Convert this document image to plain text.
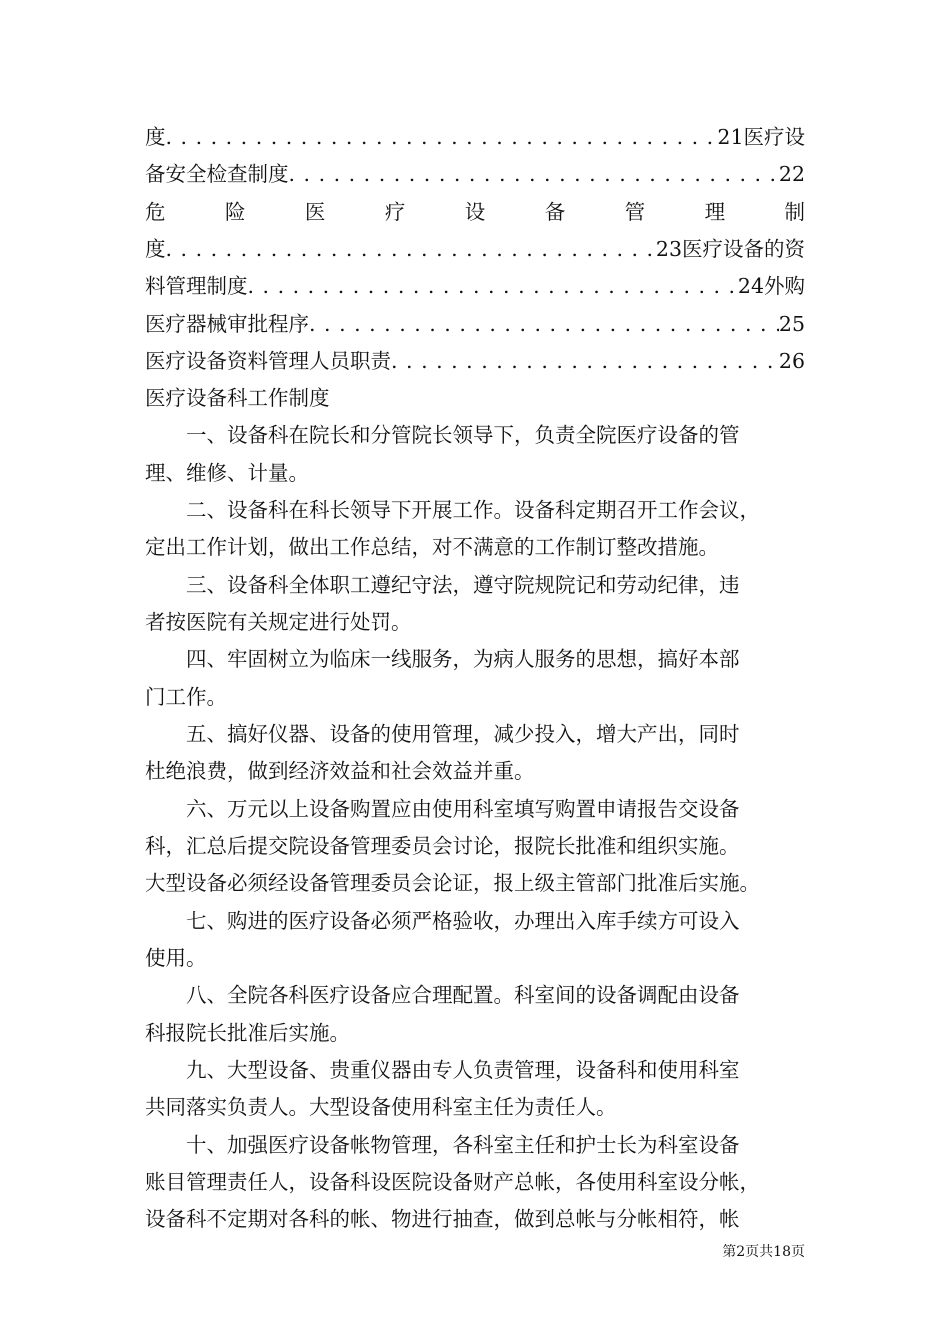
度 . . .	21医疗设
备安全检查制度 . . .	22
危	险	医	疗	设	备	管	理	制
度 . . .	23医疗设备的资
料管理制度 . . .	24外购
医疗器械审批程序 . . .	25
医疗设备资料管理人员职责 . . .	26
医疗设备科工作制度
一、设备科在院长和分管院长领导下，负责全院医疗设备的管
理、维修、计量。
二、设备科在科长领导下开展工作。设备科定期召开工作会议，
定出工作计划，做出工作总结，对不满意的工作制订整改措施。
三、设备科全体职工遵纪守法，遵守院规院记和劳动纪律，违
者按医院有关规定进行处罚。
四、牢固树立为临床一线服务，为病人服务的思想，搞好本部
门工作。
五、搞好仪器、设备的使用管理，减少投入，增大产出，同时
杜绝浪费，做到经济效益和社会效益并重。
六、万元以上设备购置应由使用科室填写购置申请报告交设备
科，汇总后提交院设备管理委员会讨论，报院长批准和组织实施。
大型设备必须经设备管理委员会论证，报上级主管部门批准后实施。
七、购进的医疗设备必须严格验收，办理出入库手续方可设入
使用。
八、全院各科医疗设备应合理配置。科室间的设备调配由设备
科报院长批准后实施。
九、大型设备、贵重仪器由专人负责管理，设备科和使用科室
共同落实负责人。大型设备使用科室主任为责任人。
十、加强医疗设备帐物管理，各科室主任和护士长为科室设备
账目管理责任人，设备科设医院设备财产总帐，各使用科室设分帐，
设备科不定期对各科的帐、物进行抽查，做到总帐与分帐相符，帐
第2页共18页
